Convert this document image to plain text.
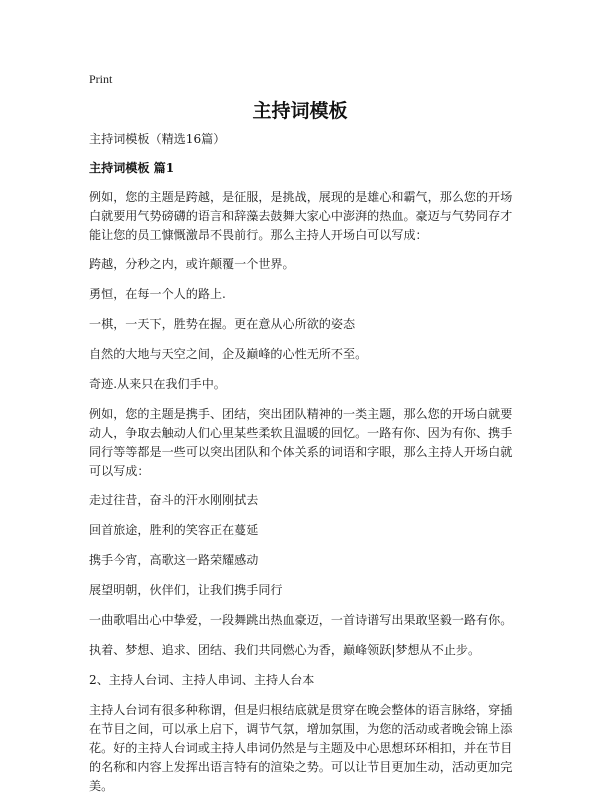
Print
主持词模板

主持词模板（精选16篇）

主持词模板 篇1

例如，您的主题是跨越，是征服，是挑战，展现的是雄心和霸气，那么您的开场白就要用气势磅礴的语言和辞藻去鼓舞大家心中澎湃的热血。豪迈与气势同存才能让您的员工慷慨激昂不畏前行。那么主持人开场白可以写成：

跨越，分秒之内，或许颠覆一个世界。

勇恒，在每一个人的路上.

一棋，一天下，胜势在握。更在意从心所欲的姿态

自然的大地与天空之间，企及巅峰的心性无所不至。

奇迹.从来只在我们手中。

例如，您的主题是携手、团结，突出团队精神的一类主题，那么您的开场白就要动人，争取去触动人们心里某些柔软且温暖的回忆。一路有你、因为有你、携手同行等等都是一些可以突出团队和个体关系的词语和字眼，那么主持人开场白就可以写成：

走过往昔，奋斗的汗水刚刚拭去

回首旅途，胜利的笑容正在蔓延

携手今宵，高歌这一路荣耀感动

展望明朝，伙伴们，让我们携手同行

一曲歌唱出心中挚爱，一段舞跳出热血豪迈，一首诗谱写出果敢坚毅一路有你。

执着、梦想、追求、团结、我们共同燃心为香，巅峰领跃|梦想从不止步。

2、主持人台词、主持人串词、主持人台本

主持人台词有很多种称谓，但是归根结底就是贯穿在晚会整体的语言脉络，穿插在节目之间，可以承上启下，调节气氛，增加氛围，为您的活动或者晚会锦上添花。好的主持人台词或主持人串词仍然是与主题及中心思想环环相扣，并在节目的名称和内容上发挥出语言特有的渲染之势。可以让节目更加生动，活动更加完美。
